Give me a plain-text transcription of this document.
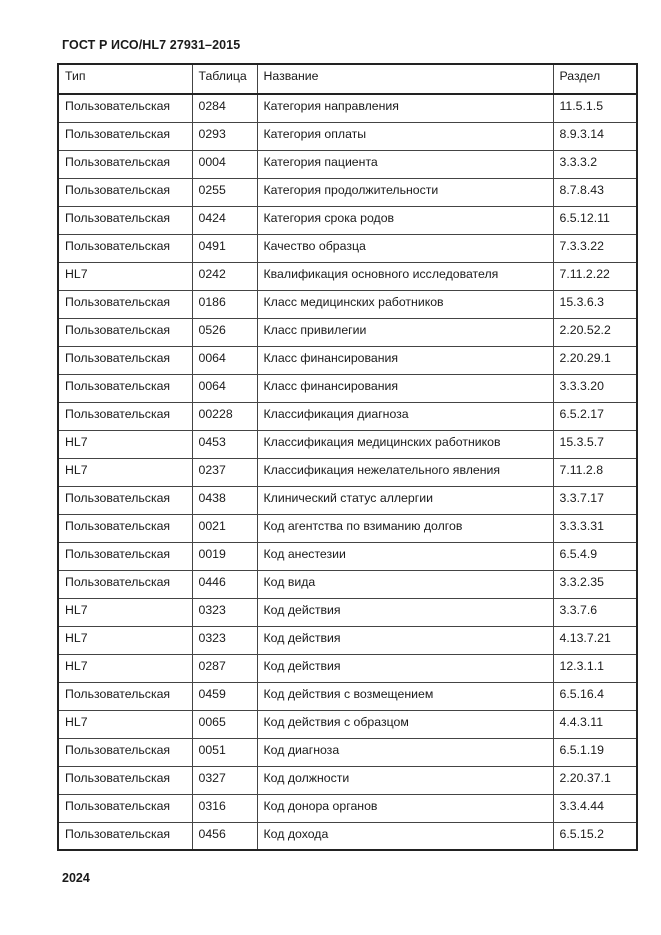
ГОСТ Р ИСО/HL7 27931–2015
Тип	Таблица	Название	Раздел
Пользовательская	0284	Категория направления	11.5.1.5
Пользовательская	0293	Категория оплаты	8.9.3.14
Пользовательская	0004	Категория пациента	3.3.3.2
Пользовательская	0255	Категория продолжительности	8.7.8.43
Пользовательская	0424	Категория срока родов	6.5.12.11
Пользовательская	0491	Качество образца	7.3.3.22
HL7	0242	Квалификация основного исследователя	7.11.2.22
Пользовательская	0186	Класс медицинских работников	15.3.6.3
Пользовательская	0526	Класс привилегии	2.20.52.2
Пользовательская	0064	Класс финансирования	2.20.29.1
Пользовательская	0064	Класс финансирования	3.3.3.20
Пользовательская	00228	Классификация диагноза	6.5.2.17
HL7	0453	Классификация медицинских работников	15.3.5.7
HL7	0237	Классификация нежелательного явления	7.11.2.8
Пользовательская	0438	Клинический статус аллергии	3.3.7.17
Пользовательская	0021	Код агентства по взиманию долгов	3.3.3.31
Пользовательская	0019	Код анестезии	6.5.4.9
Пользовательская	0446	Код вида	3.3.2.35
HL7	0323	Код действия	3.3.7.6
HL7	0323	Код действия	4.13.7.21
HL7	0287	Код действия	12.3.1.1
Пользовательская	0459	Код действия с возмещением	6.5.16.4
HL7	0065	Код действия с образцом	4.4.3.11
Пользовательская	0051	Код диагноза	6.5.1.19
Пользовательская	0327	Код должности	2.20.37.1
Пользовательская	0316	Код донора органов	3.3.4.44
Пользовательская	0456	Код дохода	6.5.15.2
2024
